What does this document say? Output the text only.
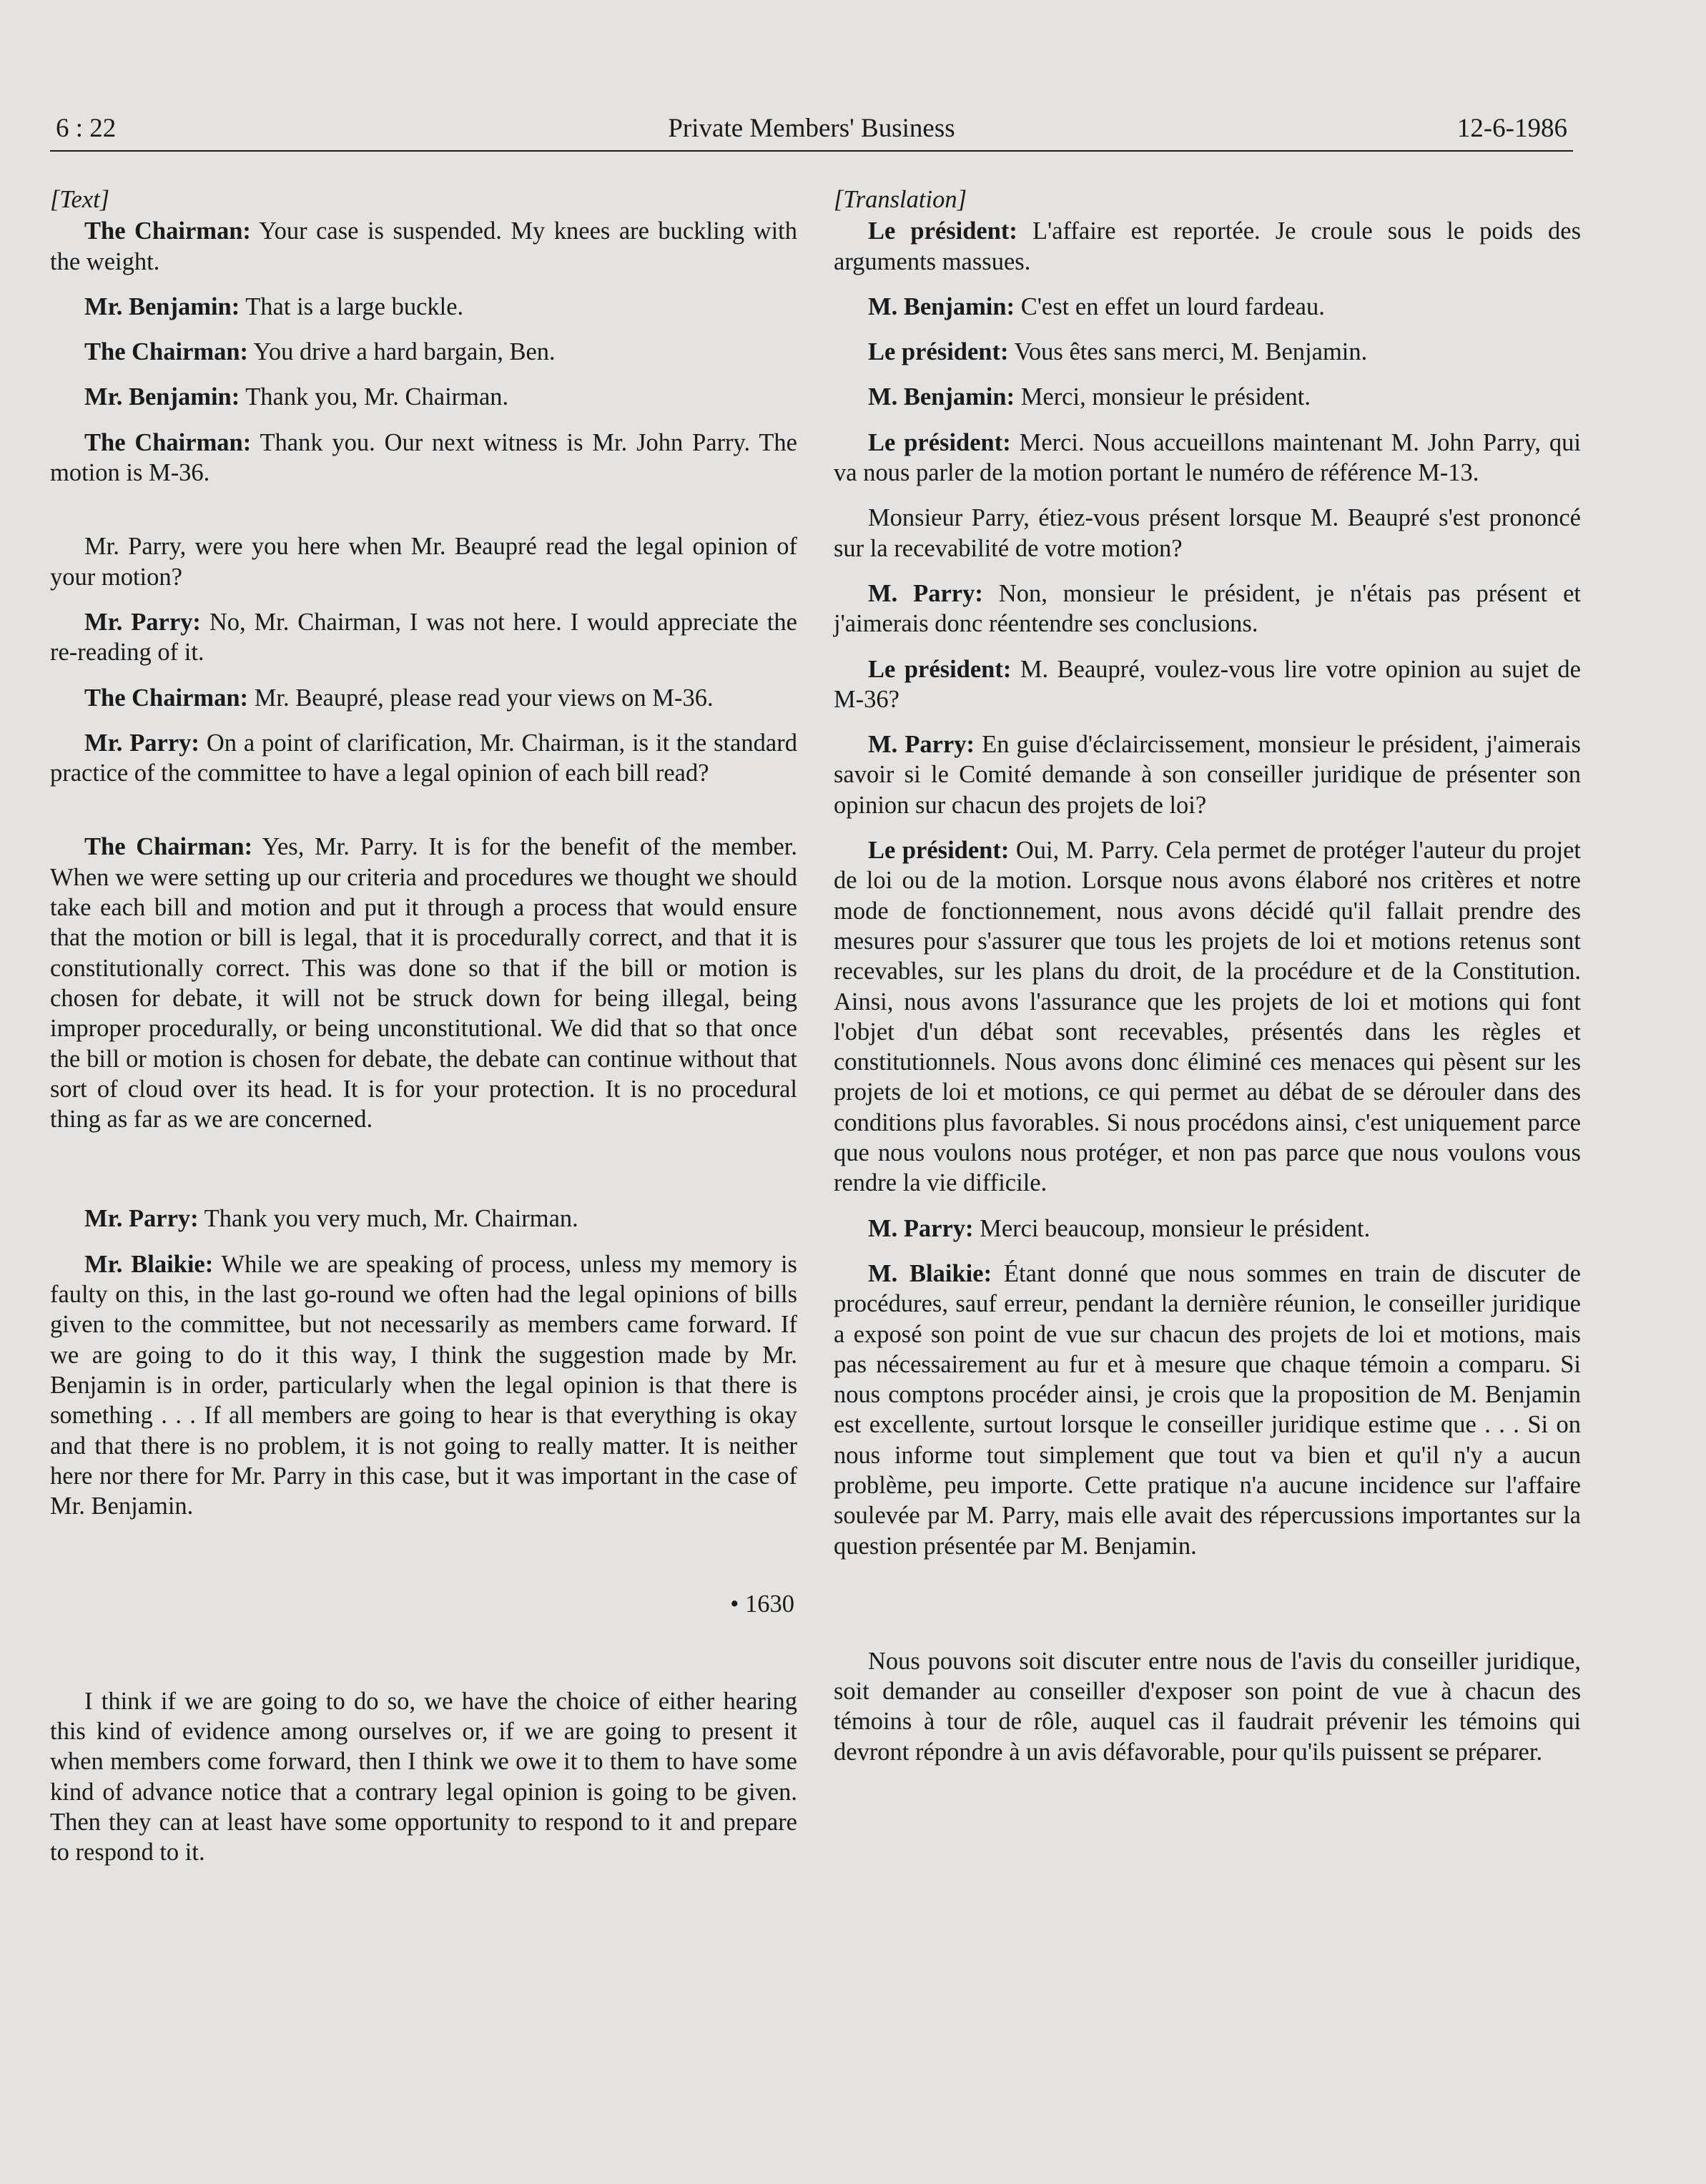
6 : 22	Private Members' Business	12-6-1986

[Text]

The Chairman: Your case is suspended. My knees are buckling with the weight.

Mr. Benjamin: That is a large buckle.

The Chairman: You drive a hard bargain, Ben.

Mr. Benjamin: Thank you, Mr. Chairman.

The Chairman: Thank you. Our next witness is Mr. John Parry. The motion is M-36.

Mr. Parry, were you here when Mr. Beaupré read the legal opinion of your motion?

Mr. Parry: No, Mr. Chairman, I was not here. I would appreciate the re-reading of it.

The Chairman: Mr. Beaupré, please read your views on M-36.

Mr. Parry: On a point of clarification, Mr. Chairman, is it the standard practice of the committee to have a legal opinion of each bill read?

The Chairman: Yes, Mr. Parry. It is for the benefit of the member. When we were setting up our criteria and procedures we thought we should take each bill and motion and put it through a process that would ensure that the motion or bill is legal, that it is procedurally correct, and that it is constitutionally correct. This was done so that if the bill or motion is chosen for debate, it will not be struck down for being illegal, being improper procedurally, or being unconstitutional. We did that so that once the bill or motion is chosen for debate, the debate can continue without that sort of cloud over its head. It is for your protection. It is no procedural thing as far as we are concerned.

Mr. Parry: Thank you very much, Mr. Chairman.

Mr. Blaikie: While we are speaking of process, unless my memory is faulty on this, in the last go-round we often had the legal opinions of bills given to the committee, but not necessarily as members came forward. If we are going to do it this way, I think the suggestion made by Mr. Benjamin is in order, particularly when the legal opinion is that there is something . . . If all members are going to hear is that everything is okay and that there is no problem, it is not going to really matter. It is neither here nor there for Mr. Parry in this case, but it was important in the case of Mr. Benjamin.

• 1630

I think if we are going to do so, we have the choice of either hearing this kind of evidence among ourselves or, if we are going to present it when members come forward, then I think we owe it to them to have some kind of advance notice that a contrary legal opinion is going to be given. Then they can at least have some opportunity to respond to it and prepare to respond to it.

[Translation]

Le président: L'affaire est reportée. Je croule sous le poids des arguments massues.

M. Benjamin: C'est en effet un lourd fardeau.

Le président: Vous êtes sans merci, M. Benjamin.

M. Benjamin: Merci, monsieur le président.

Le président: Merci. Nous accueillons maintenant M. John Parry, qui va nous parler de la motion portant le numéro de référence M-13.

Monsieur Parry, étiez-vous présent lorsque M. Beaupré s'est prononcé sur la recevabilité de votre motion?

M. Parry: Non, monsieur le président, je n'étais pas présent et j'aimerais donc réentendre ses conclusions.

Le président: M. Beaupré, voulez-vous lire votre opinion au sujet de M-36?

M. Parry: En guise d'éclaircissement, monsieur le président, j'aimerais savoir si le Comité demande à son conseiller juridique de présenter son opinion sur chacun des projets de loi?

Le président: Oui, M. Parry. Cela permet de protéger l'auteur du projet de loi ou de la motion. Lorsque nous avons élaboré nos critères et notre mode de fonctionnement, nous avons décidé qu'il fallait prendre des mesures pour s'assurer que tous les projets de loi et motions retenus sont recevables, sur les plans du droit, de la procédure et de la Constitution. Ainsi, nous avons l'assurance que les projets de loi et motions qui font l'objet d'un débat sont recevables, présentés dans les règles et constitutionnels. Nous avons donc éliminé ces menaces qui pèsent sur les projets de loi et motions, ce qui permet au débat de se dérouler dans des conditions plus favorables. Si nous procédons ainsi, c'est uniquement parce que nous voulons nous protéger, et non pas parce que nous voulons vous rendre la vie difficile.

M. Parry: Merci beaucoup, monsieur le président.

M. Blaikie: Étant donné que nous sommes en train de discuter de procédures, sauf erreur, pendant la dernière réunion, le conseiller juridique a exposé son point de vue sur chacun des projets de loi et motions, mais pas nécessairement au fur et à mesure que chaque témoin a comparu. Si nous comptons procéder ainsi, je crois que la proposition de M. Benjamin est excellente, surtout lorsque le conseiller juridique estime que . . . Si on nous informe tout simplement que tout va bien et qu'il n'y a aucun problème, peu importe. Cette pratique n'a aucune incidence sur l'affaire soulevée par M. Parry, mais elle avait des répercussions importantes sur la question présentée par M. Benjamin.

Nous pouvons soit discuter entre nous de l'avis du conseiller juridique, soit demander au conseiller d'exposer son point de vue à chacun des témoins à tour de rôle, auquel cas il faudrait prévenir les témoins qui devront répondre à un avis défavorable, pour qu'ils puissent se préparer.
